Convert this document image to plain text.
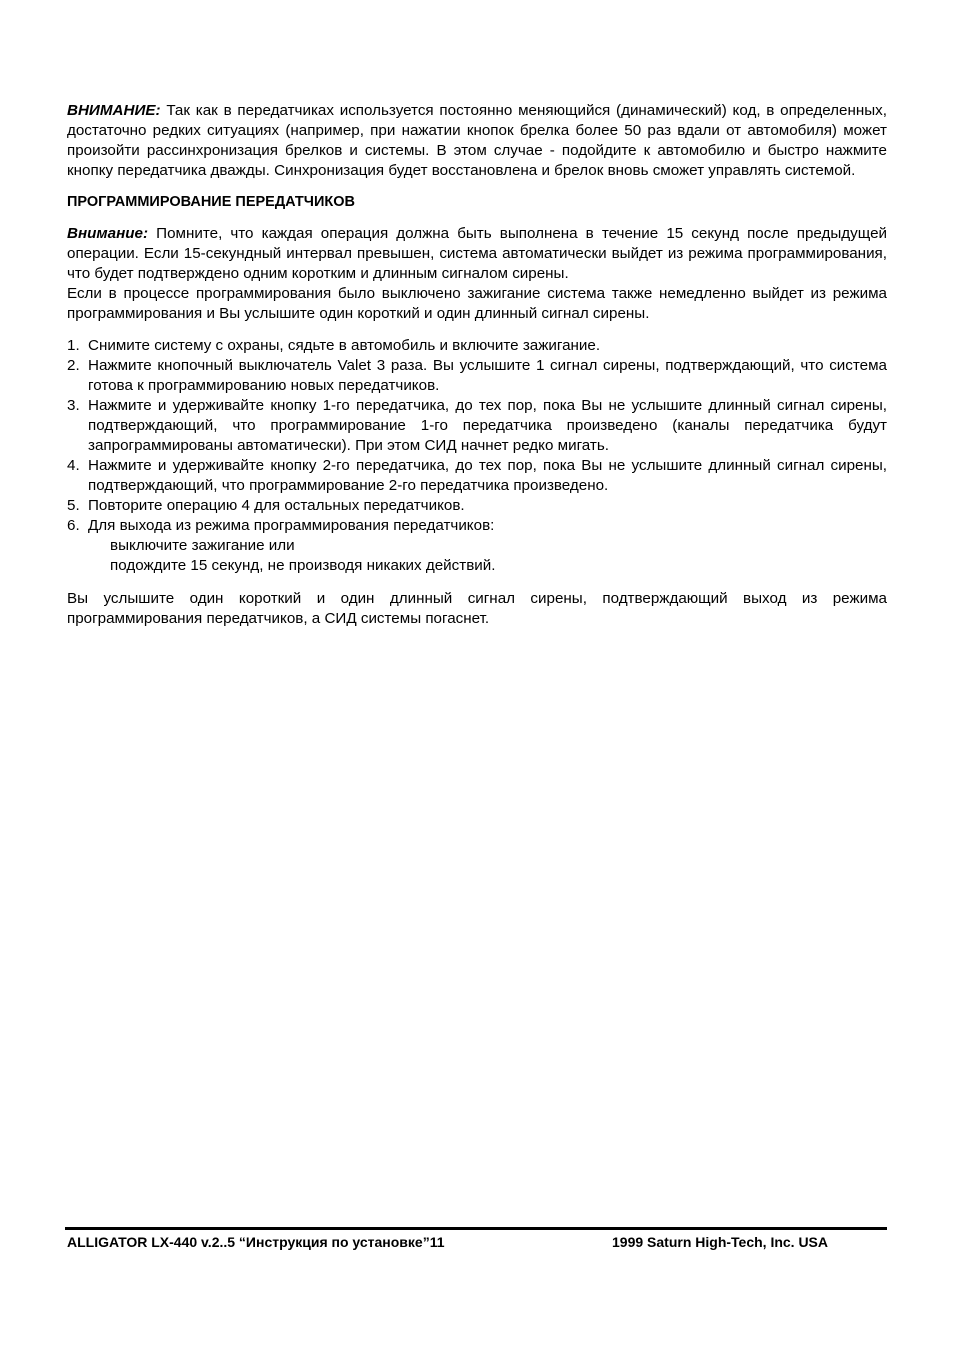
ВНИМАНИЕ: Так как в передатчиках используется постоянно меняющийся (динамический) код, в определенных, достаточно редких ситуациях (например, при нажатии кнопок брелка более 50 раз вдали от автомобиля) может произойти рассинхронизация брелков и системы. В этом случае - подойдите к автомобилю и быстро нажмите кнопку передатчика дважды. Синхронизация будет восстановлена и брелок вновь сможет управлять системой.

ПРОГРАММИРОВАНИЕ ПЕРЕДАТЧИКОВ

Внимание: Помните, что каждая операция должна быть выполнена в течение 15 секунд после предыдущей операции. Если 15-секундный интервал превышен, система автоматически выйдет из режима программирования, что будет подтверждено одним коротким и длинным сигналом сирены.

Если в процессе программирования было выключено зажигание система также немедленно выйдет из режима программирования и Вы услышите один короткий и один длинный сигнал сирены.

1. Снимите систему с охраны, сядьте в автомобиль и включите зажигание.
2. Нажмите кнопочный выключатель Valet 3 раза. Вы услышите 1 сигнал сирены, подтверждающий, что система готова к программированию новых передатчиков.
3. Нажмите и удерживайте кнопку 1-го передатчика, до тех пор, пока Вы не услышите длинный сигнал сирены, подтверждающий, что программирование 1-го передатчика произведено (каналы передатчика будут запрограммированы автоматически). При этом СИД начнет редко мигать.
4. Нажмите и удерживайте кнопку 2-го передатчика, до тех пор, пока Вы не услышите длинный сигнал сирены, подтверждающий, что программирование 2-го передатчика произведено.
5. Повторите операцию 4 для остальных передатчиков.
6. Для выхода из режима программирования передатчиков:
выключите зажигание или
подождите 15 секунд, не производя никаких действий.

Вы услышите один короткий и один длинный сигнал сирены, подтверждающий выход из режима программирования передатчиков, а СИД системы погаснет.

ALLIGATOR LX-440 v.2..5 “Инструкция по установке”11	1999 Saturn High-Tech, Inc. USA
